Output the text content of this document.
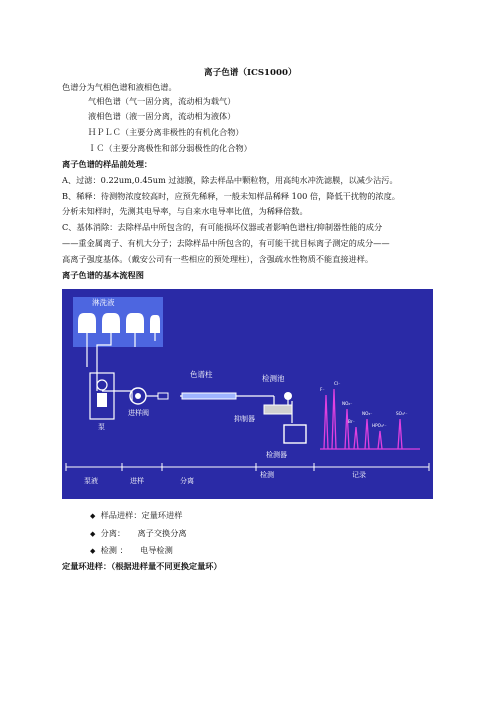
离子色谱（ICS1000）
色谱分为气相色谱和液相色谱。
气相色谱（气一固分离，流动相为载气）
液相色谱（液一固分离，流动相为液体）
ＨＰＬＣ（主要分离非极性的有机化合物）
ＩＣ（主要分离极性和部分弱极性的化合物）
离子色谱的样品前处理：
A、过滤：0.22um,0.45um 过滤膜，除去样品中颗粒物，用高纯水冲洗滤膜，以减少沾污。
B、稀释：待测物浓度较高时，应预先稀释，一般未知样品稀释 100 倍，降低干扰物的浓度。
分析未知样时，先测其电导率，与自来水电导率比值，为稀释倍数。
C、基体消除：去除样品中所包含的，有可能损坏仪器或者影响色谱柱/抑制器性能的成分
——重金属离子、有机大分子；去除样品中所包含的，有可能干扰目标离子测定的成分——
高离子强度基体。（戴安公司有一些相应的预处理柱），含强疏水性物质不能直接进样。
离子色谱的基本流程图
淋洗液
泵
进样阀
色谱柱	检测池
抑制器
检测器
F⁻
Cl⁻
NO₂⁻
Br⁻
NO₃⁻
HPO₄²⁻
SO₄²⁻
泵液	进样	分离
检测	记录
◆ 样品进样：定量环进样
◆ 分离：　　离子交换分离
◆ 检测 ：　　电导检测
定量环进样：（根据进样量不同更换定量环）
